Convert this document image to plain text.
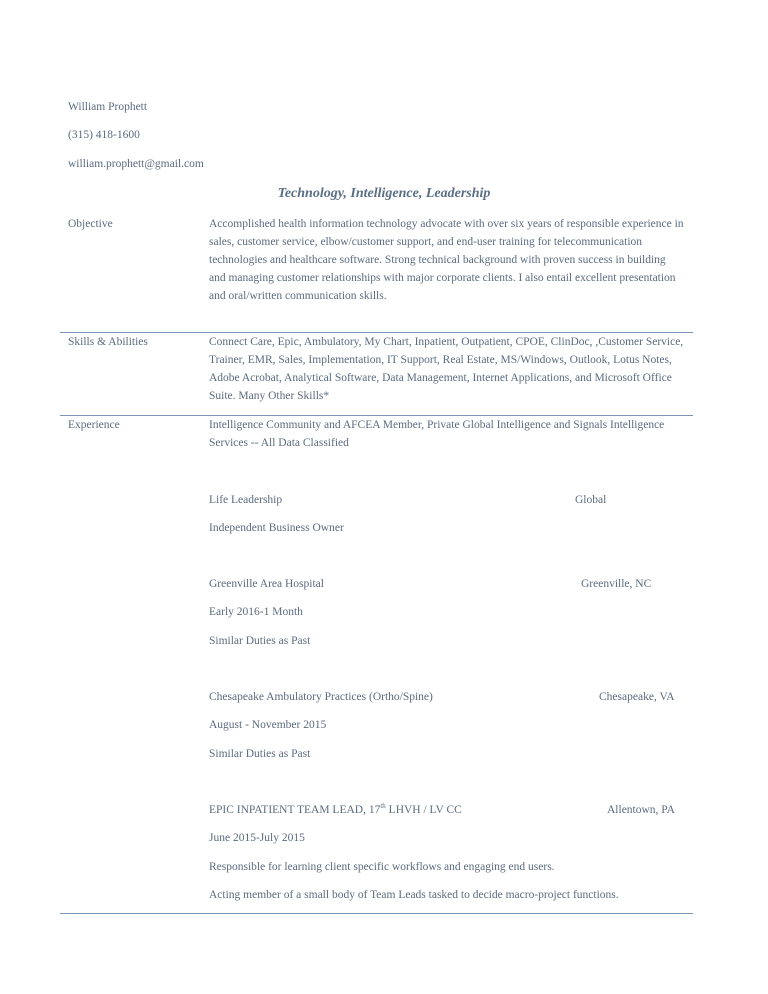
William Prophett
(315) 418-1600
william.prophett@gmail.com
Technology, Intelligence, Leadership
Objective	Accomplished health information technology advocate with over six years of responsible experience in sales, customer service, elbow/customer support, and end-user training for telecommunication technologies and healthcare software. Strong technical background with proven success in building and managing customer relationships with major corporate clients. I also entail excellent presentation and oral/written communication skills.
Skills & Abilities	Connect Care, Epic, Ambulatory, My Chart, Inpatient, Outpatient, CPOE, ClinDoc, ,Customer Service, Trainer, EMR, Sales, Implementation, IT Support, Real Estate, MS/Windows, Outlook, Lotus Notes, Adobe Acrobat, Analytical Software, Data Management, Internet Applications, and Microsoft Office Suite. Many Other Skills*
Experience	Intelligence Community and AFCEA Member, Private Global Intelligence and Signals Intelligence Services -- All Data Classified
Life Leadership	Global
Independent Business Owner
Greenville Area Hospital	Greenville, NC
Early 2016-1 Month
Similar Duties as Past
Chesapeake Ambulatory Practices (Ortho/Spine)	Chesapeake, VA
August - November 2015
Similar Duties as Past
EPIC INPATIENT TEAM LEAD, 17th LHVH / LV CC	Allentown, PA
June 2015-July 2015
Responsible for learning client specific workflows and engaging end users.
Acting member of a small body of Team Leads tasked to decide macro-project functions.
